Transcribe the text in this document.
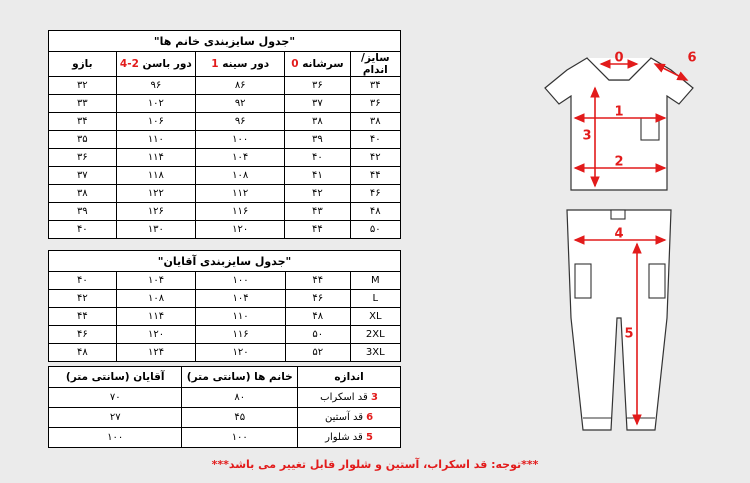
"جدول سایزبندی خانم ها"				
بازو	4-2 دور باسن	1 دور سینه	0 سرشانه	سایز/ اندام
۳۲	۹۶	۸۶	۳۶	۳۴
۳۳	۱۰۲	۹۲	۳۷	۳۶
۳۴	۱۰۶	۹۶	۳۸	۳۸
۳۵	۱۱۰	۱۰۰	۳۹	۴۰
۳۶	۱۱۴	۱۰۴	۴۰	۴۲
۳۷	۱۱۸	۱۰۸	۴۱	۴۴
۳۸	۱۲۲	۱۱۲	۴۲	۴۶
۳۹	۱۲۶	۱۱۶	۴۳	۴۸
۴۰	۱۳۰	۱۲۰	۴۴	۵۰
"جدول سایزبندی آقایان"				
۴۰	۱۰۴	۱۰۰	۴۴	M
۴۲	۱۰۸	۱۰۴	۴۶	L
۴۴	۱۱۴	۱۱۰	۴۸	XL
۴۶	۱۲۰	۱۱۶	۵۰	2XL
۴۸	۱۲۴	۱۲۰	۵۲	3XL
آقایان (سانتی متر)	خانم ها (سانتی متر)	اندازه
۷۰	۸۰	3 قد اسکراب
۲۷	۴۵	6 قد آستین
۱۰۰	۱۰۰	5 قد شلوار
***توجه: قد اسکراب، آستین و شلوار قابل تغییر می باشد***
0	6
1
3
2
4
5
